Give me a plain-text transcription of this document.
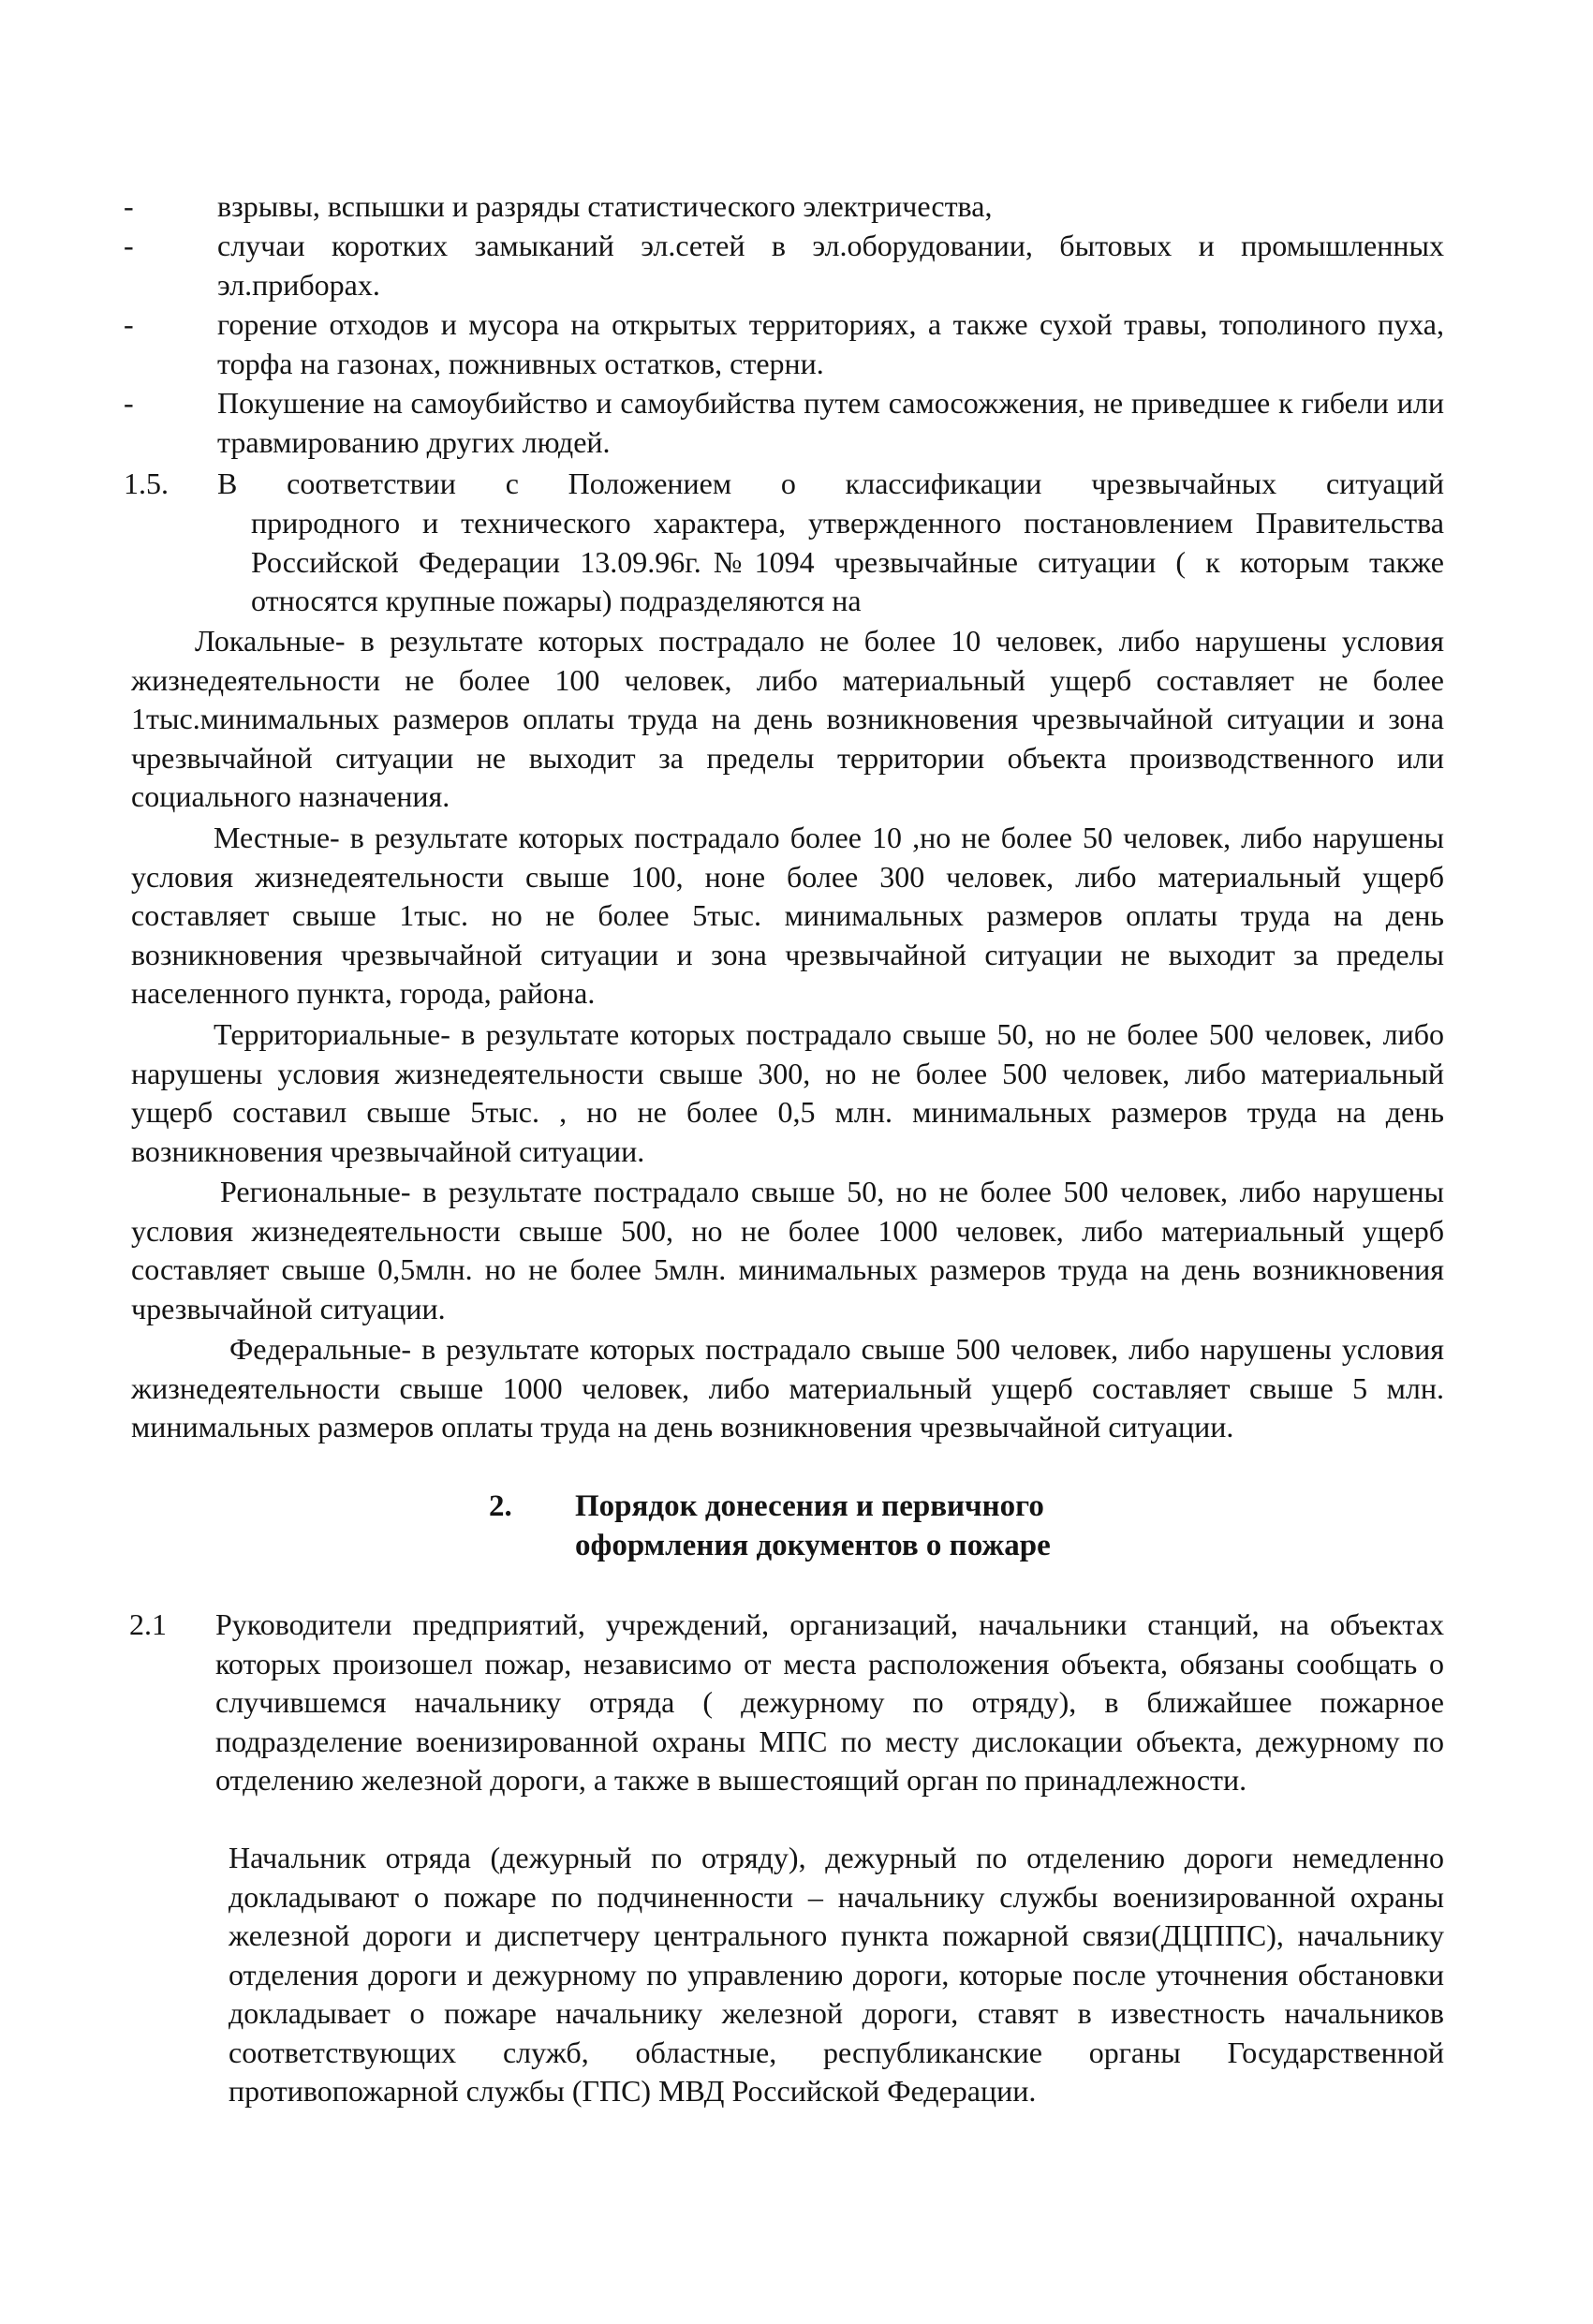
-	взрывы, вспышки и разряды статистического электричества,
-	случаи коротких замыканий эл.сетей в эл.оборудовании, бытовых и промышленных эл.приборах.
-	горение отходов и мусора на открытых территориях, а также сухой травы, тополиного пуха, торфа на газонах, пожнивных остатков, стерни.
-	Покушение на самоубийство и самоубийства путем самосожжения, не приведшее к гибели или травмированию других людей.
1.5. В соответствии с Положением о классификации чрезвычайных ситуаций
природного и технического характера, утвержденного постановлением Правительства Российской Федерации 13.09.96г.№1094 чрезвычайные ситуации ( к которым также относятся крупные пожары) подразделяются на
Локальные- в результате которых пострадало не более 10 человек, либо нарушены условия жизнедеятельности не более 100 человек, либо материальный ущерб составляет не более 1тыс.минимальных размеров оплаты труда на день возникновения чрезвычайной ситуации и зона чрезвычайной ситуации не выходит за пределы территории объекта производственного или социального назначения.
Местные- в результате которых пострадало более 10 ,но не более 50 человек, либо нарушены условия жизнедеятельности свыше 100, ноне более 300 человек, либо материальный ущерб составляет свыше 1тыс. но не более 5тыс. минимальных размеров оплаты труда на день возникновения чрезвычайной ситуации и зона чрезвычайной ситуации не выходит за пределы населенного пункта, города, района.
Территориальные- в результате которых пострадало свыше 50, но не более 500 человек, либо нарушены условия жизнедеятельности свыше 300, но не более 500 человек, либо материальный ущерб составил свыше 5тыс. , но не более 0,5 млн. минимальных размеров труда на день возникновения чрезвычайной ситуации.
Региональные- в результате пострадало свыше 50, но не более 500 человек, либо нарушены условия жизнедеятельности свыше 500, но не более 1000 человек, либо материальный ущерб составляет свыше 0,5млн. но не более 5млн. минимальных размеров труда на день возникновения чрезвычайной ситуации.
Федеральные- в результате которых пострадало свыше 500 человек, либо нарушены условия жизнедеятельности свыше 1000 человек, либо материальный ущерб составляет свыше 5 млн. минимальных размеров оплаты труда на день возникновения чрезвычайной ситуации.
2. Порядок донесения и первичного
оформления документов о пожаре
2.1 Руководители предприятий, учреждений, организаций, начальники станций, на объектах которых произошел пожар, независимо от места расположения объекта, обязаны сообщать о случившемся начальнику отряда ( дежурному по отряду), в ближайшее пожарное подразделение военизированной охраны МПС по месту дислокации объекта, дежурному по отделению железной дороги, а также в вышестоящий орган по принадлежности.
Начальник отряда (дежурный по отряду), дежурный по отделению дороги немедленно докладывают о пожаре по подчиненности – начальнику службы военизированной охраны железной дороги и диспетчеру центрального пункта пожарной связи(ДЦППС), начальнику отделения дороги и дежурному по управлению дороги, которые после уточнения обстановки докладывает о пожаре начальнику железной дороги, ставят в известность начальников соответствующих служб, областные, республиканские органы Государственной противопожарной службы (ГПС) МВД Российской Федерации.
